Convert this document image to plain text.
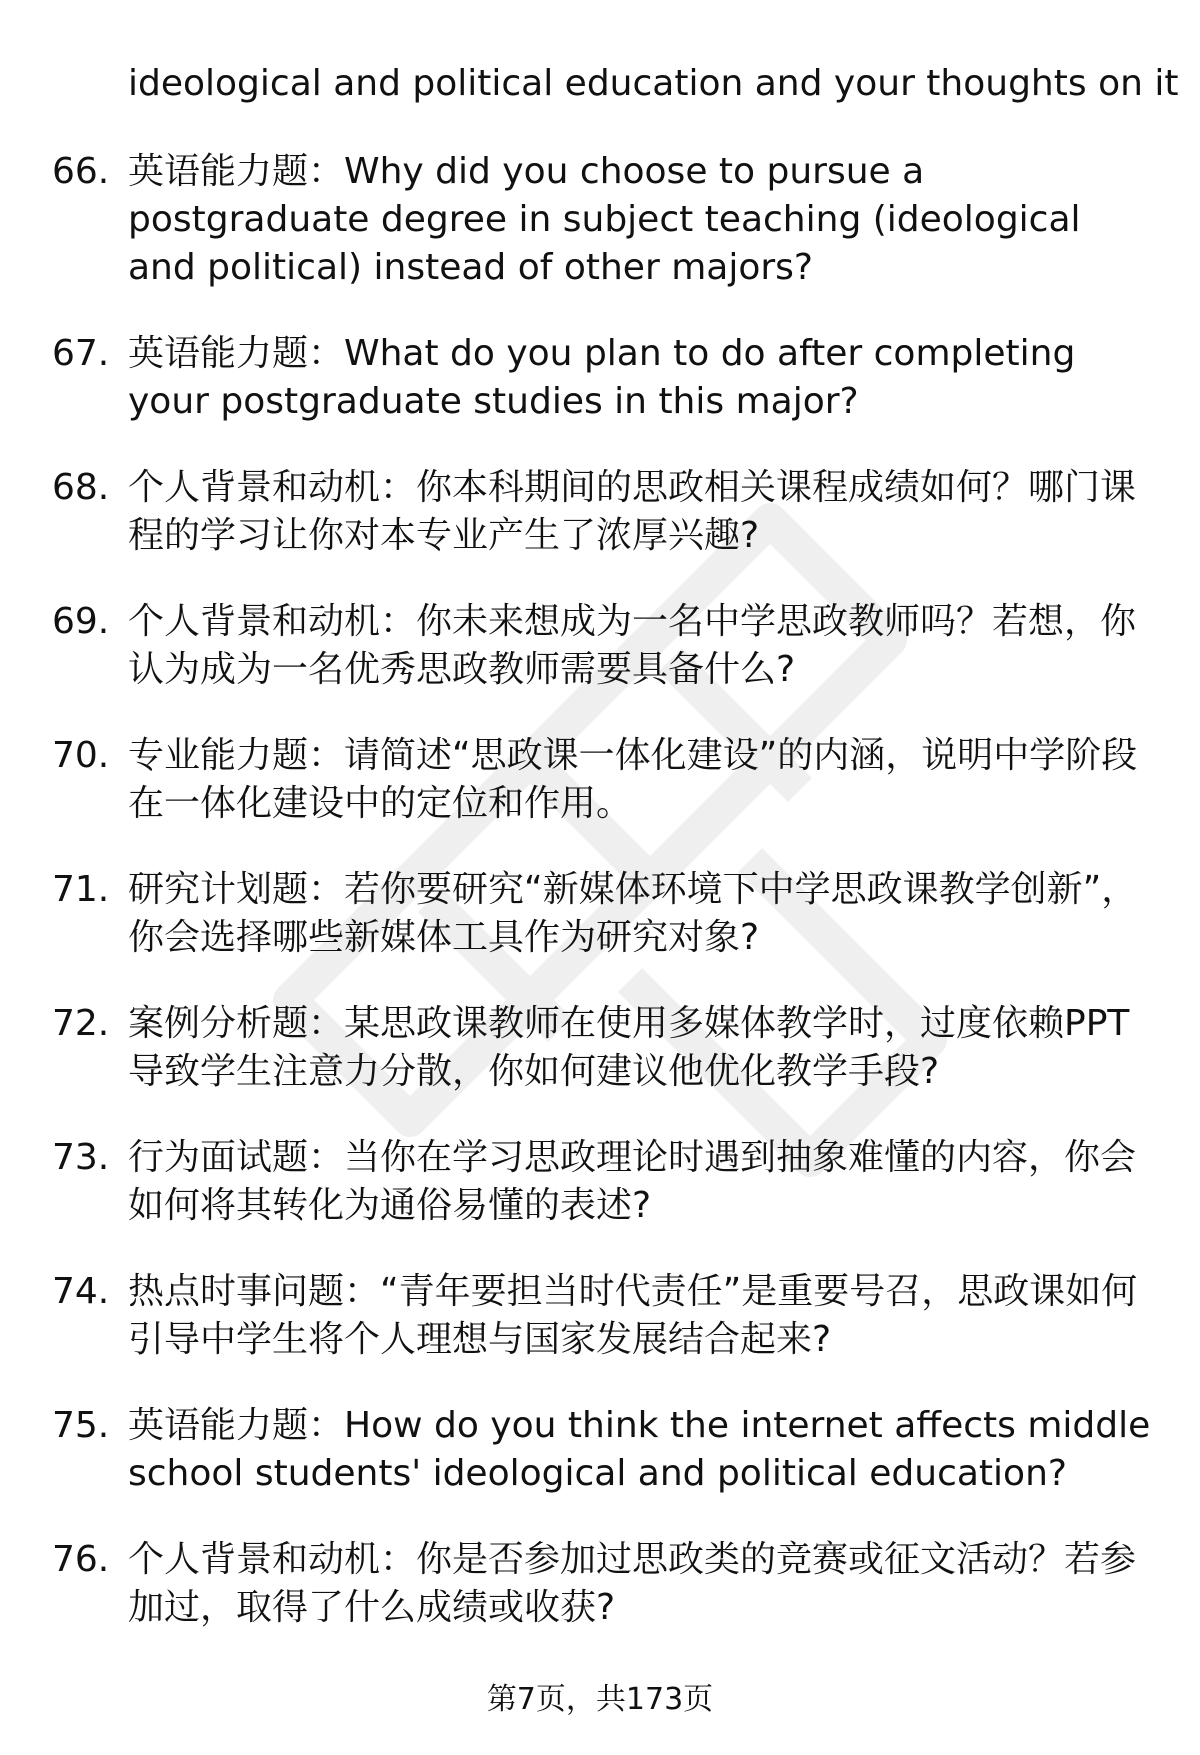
ideological and political education and your thoughts on it
66. 英语能力题：Why did you choose to pursue a postgraduate degree in subject teaching (ideological and political) instead of other majors?
67. 英语能力题：What do you plan to do after completing your postgraduate studies in this major?
68. 个人背景和动机：你本科期间的思政相关课程成绩如何？哪门课程的学习让你对本专业产生了浓厚兴趣?
69. 个人背景和动机：你未来想成为一名中学思政教师吗？若想，你认为成为一名优秀思政教师需要具备什么?
70. 专业能力题：请简述“思政课一体化建设”的内涵，说明中学阶段在一体化建设中的定位和作用。
71. 研究计划题：若你要研究“新媒体环境下中学思政课教学创新”，你会选择哪些新媒体工具作为研究对象?
72. 案例分析题：某思政课教师在使用多媒体教学时，过度依赖PPT导致学生注意力分散，你如何建议他优化教学手段?
73. 行为面试题：当你在学习思政理论时遇到抽象难懂的内容，你会如何将其转化为通俗易懂的表述?
74. 热点时事问题：“青年要担当时代责任”是重要号召，思政课如何引导中学生将个人理想与国家发展结合起来?
75. 英语能力题：How do you think the internet affects middle school students' ideological and political education?
76. 个人背景和动机：你是否参加过思政类的竞赛或征文活动？若参加过，取得了什么成绩或收获?
第7页，共173页
